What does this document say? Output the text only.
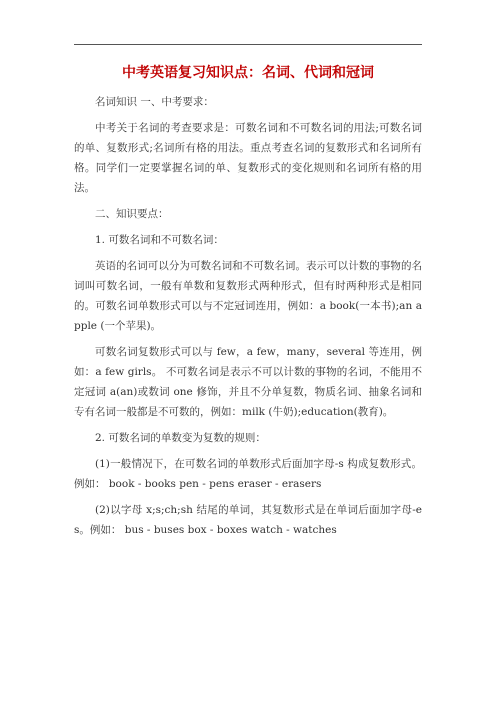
中考英语复习知识点：名词、代词和冠词

名词知识 一、中考要求：

中考关于名词的考查要求是：可数名词和不可数名词的用法;可数名词的单、复数形式;名词所有格的用法。重点考查名词的复数形式和名词所有格。同学们一定要掌握名词的单、复数形式的变化规则和名词所有格的用法。

二、知识要点：

1. 可数名词和不可数名词：

英语的名词可以分为可数名词和不可数名词。表示可以计数的事物的名词叫可数名词，一般有单数和复数形式两种形式，但有时两种形式是相同的。可数名词单数形式可以与不定冠词连用，例如：a book(一本书);an apple (一个苹果)。

可数名词复数形式可以与 few，a few，many，several 等连用，例如：a few girls。 不可数名词是表示不可以计数的事物的名词，不能用不定冠词 a(an)或数词 one 修饰，并且不分单复数，物质名词、抽象名词和专有名词一般都是不可数的，例如：milk (牛奶);education(教育)。

2. 可数名词的单数变为复数的规则：

(1)一般情况下，在可数名词的单数形式后面加字母-s 构成复数形式。例如： book - books pen - pens eraser - erasers

(2)以字母 x;s;ch;sh 结尾的单词，其复数形式是在单词后面加字母-es。例如： bus - buses box - boxes watch - watches
